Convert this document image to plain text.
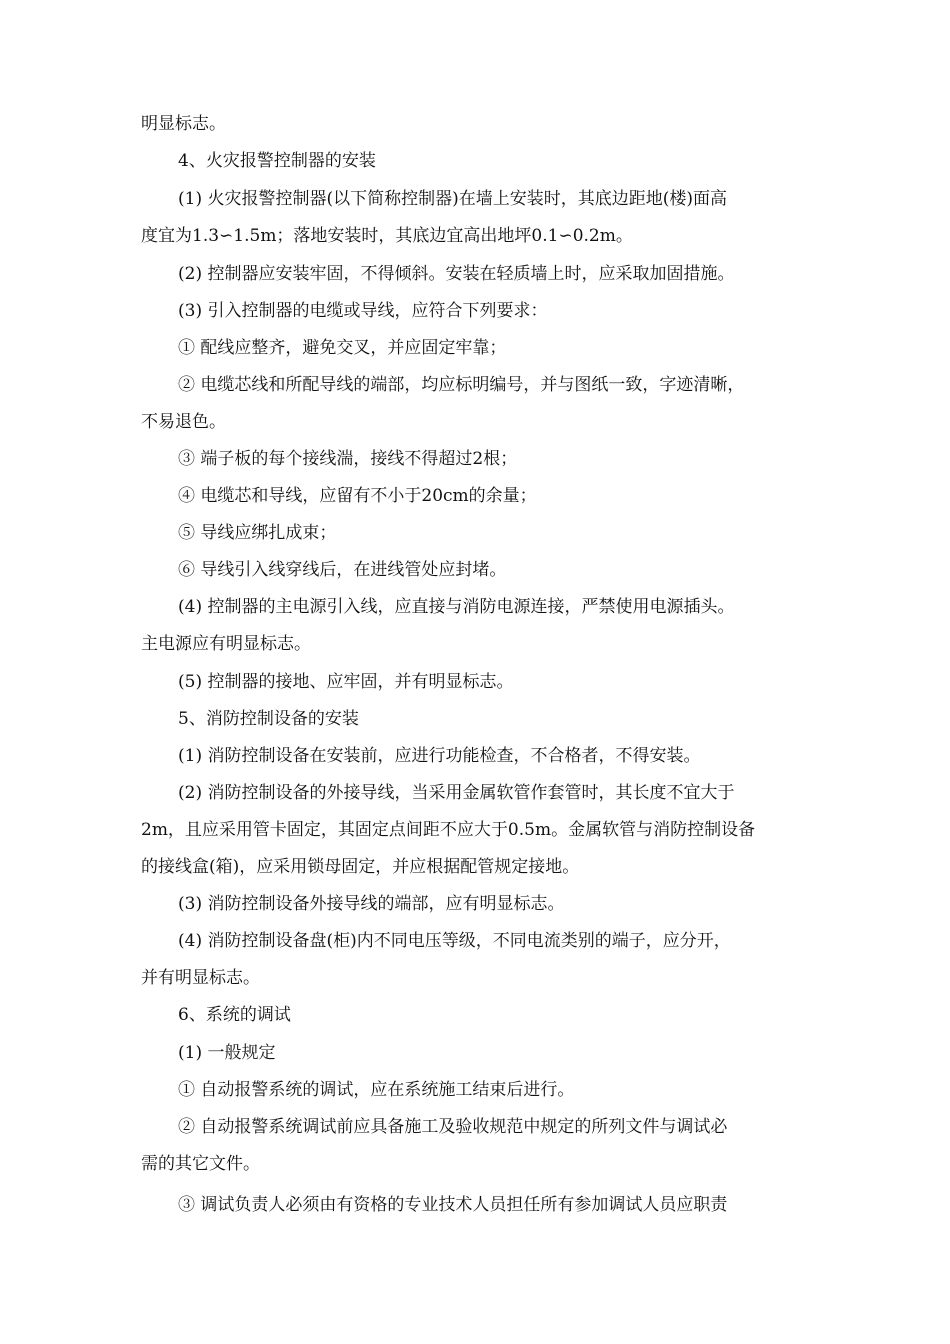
明显标志。

4、火灾报警控制器的安装

(1) 火灾报警控制器(以下简称控制器)在墙上安装时，其底边距地(楼)面高

度宜为1.3∽1.5m；落地安装时，其底边宜高出地坪0.1∽0.2m。

(2) 控制器应安装牢固，不得倾斜。安装在轻质墙上时，应采取加固措施。

(3) 引入控制器的电缆或导线，应符合下列要求：

① 配线应整齐，避免交叉，并应固定牢靠；

② 电缆芯线和所配导线的端部，均应标明编号，并与图纸一致，字迹清晰，

不易退色。

③ 端子板的每个接线湍，接线不得超过2根；

④ 电缆芯和导线，应留有不小于20cm的余量；

⑤ 导线应绑扎成束；

⑥ 导线引入线穿线后，在进线管处应封堵。

(4) 控制器的主电源引入线，应直接与消防电源连接，严禁使用电源插头。

主电源应有明显标志。

(5) 控制器的接地、应牢固，并有明显标志。

5、消防控制设备的安装

(1) 消防控制设备在安装前，应进行功能检查，不合格者，不得安装。

(2) 消防控制设备的外接导线，当采用金属软管作套管时，其长度不宜大于

2m，且应采用管卡固定，其固定点间距不应大于0.5m。金属软管与消防控制设备

的接线盒(箱)，应采用锁母固定，并应根据配管规定接地。

(3) 消防控制设备外接导线的端部，应有明显标志。

(4) 消防控制设备盘(柜)内不同电压等级，不同电流类别的端子，应分开，

并有明显标志。

6、系统的调试

(1) 一般规定

① 自动报警系统的调试，应在系统施工结束后进行。

② 自动报警系统调试前应具备施工及验收规范中规定的所列文件与调试必

需的其它文件。

③ 调试负责人必须由有资格的专业技术人员担任所有参加调试人员应职责
